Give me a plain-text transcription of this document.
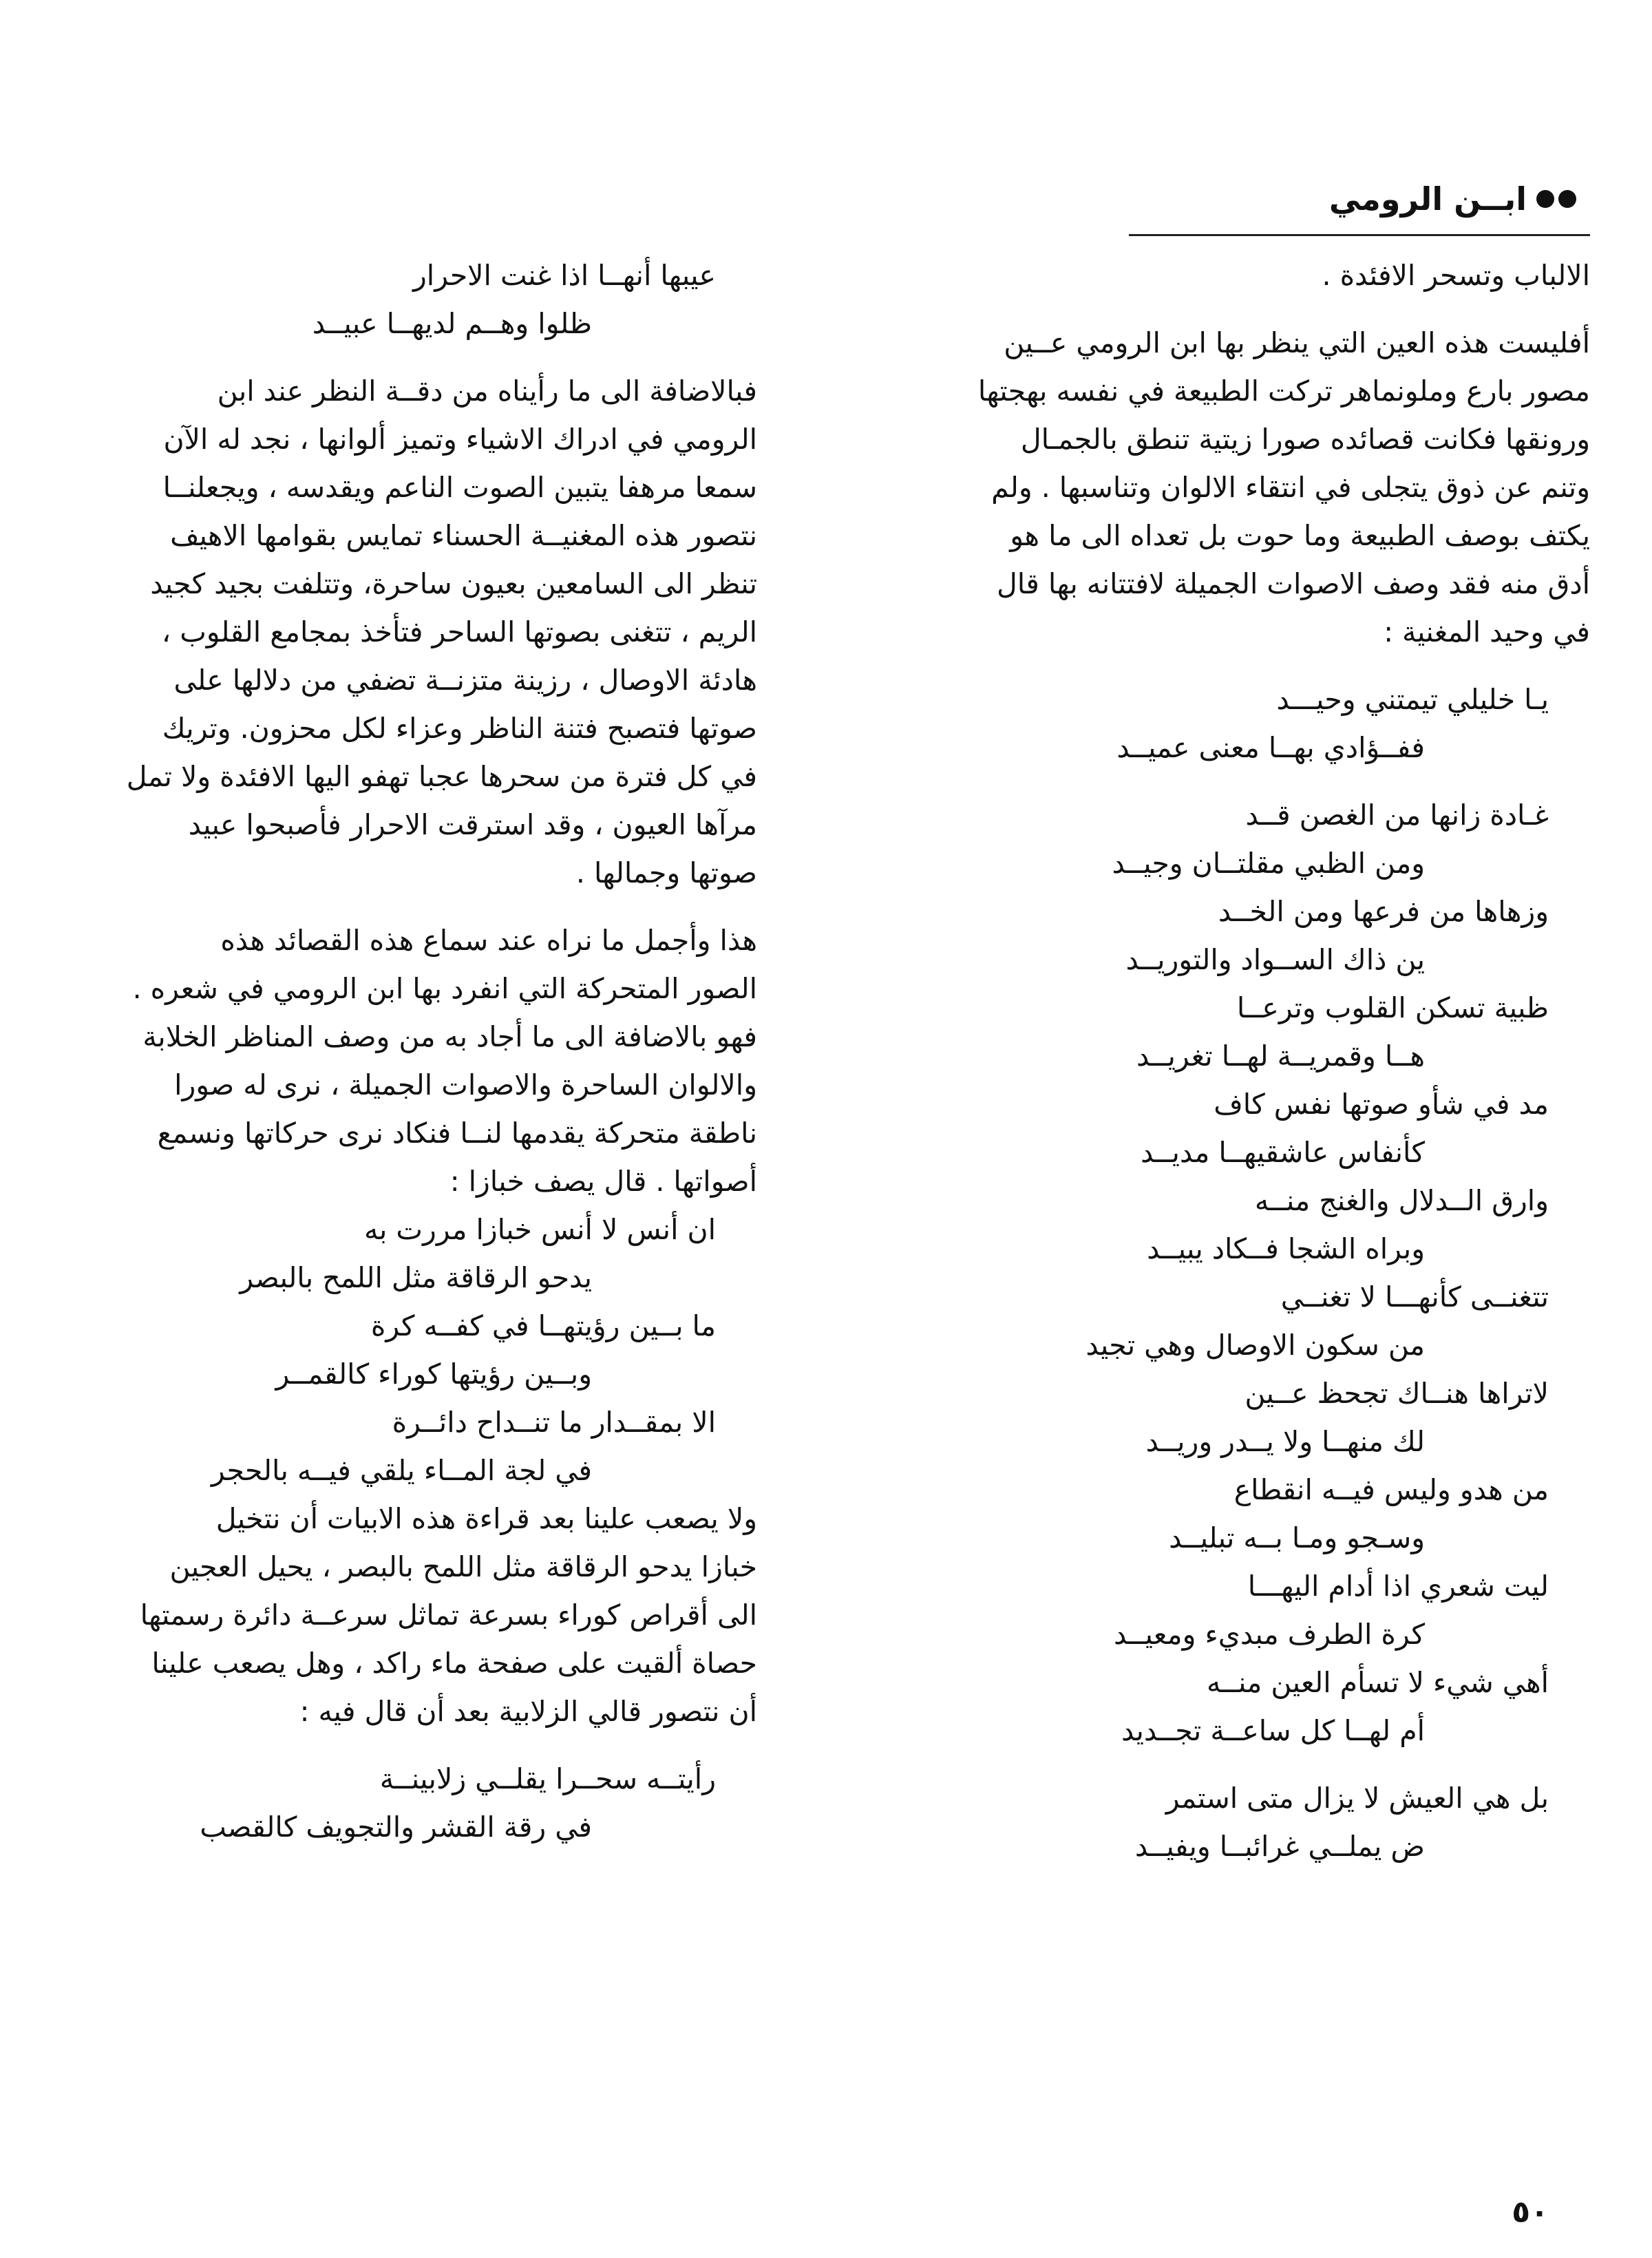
ابــن الرومي

الالباب وتسحر الافئدة .

أفليست هذه العين التي ينظر بها ابن الرومي عــين
مصور بارع وملونماهر تركت الطبيعة في نفسه بهجتها
ورونقها فكانت قصائده صورا زيتية تنطق بالجمـال
وتنم عن ذوق يتجلى في انتقاء الالوان وتناسبها . ولم
يكتف بوصف الطبيعة وما حوت بل تعداه الى ما هو
أدق منه فقد وصف الاصوات الجميلة لافتتانه بها قال
في وحيد المغنية :

يـا خليلي تيمتني وحيـــد
ففــؤادي بهــا معنى عميــد
غـادة زانها من الغصن قــد
ومن الظبي مقلتــان وجيــد
وزهاها من فرعها ومن الخــد
ين ذاك الســواد والتوريــد
ظبية تسكن القلوب وترعــا
هــا وقمريــة لهــا تغريــد
مد في شأو صوتها نفس كاف
كأنفاس عاشقيهــا مديــد
وارق الــدلال والغنج منــه
وبراه الشجا فــكاد يبيــد
تتغنــى كأنهـــا لا تغنــي
من سكون الاوصال وهي تجيد
لاتراها هنــاك تجحظ عــين
لك منهــا ولا يــدر وريــد
من هدو وليس فيــه انقطاع
وسـجو ومـا بــه تبليــد
ليت شعري اذا أدام اليهـــا
كرة الطرف مبديء ومعيــد
أهي شيء لا تسأم العين منــه
أم لهــا كل ساعــة تجــديد
بل هي العيش لا يزال متى استمر
ض يملــي غرائبــا ويفيــد
عيبها أنهــا اذا غنت الاحرار
ظلوا وهــم لديهــا عبيــد

فبالاضافة الى ما رأيناه من دقــة النظر عند ابن
الرومي في ادراك الاشياء وتميز ألوانها ، نجد له الآن
سمعا مرهفا يتبين الصوت الناعم ويقدسه ، ويجعلنــا
نتصور هذه المغنيــة الحسناء تمايس بقوامها الاهيف
تنظر الى السامعين بعيون ساحرة، وتتلفت بجيد كجيد
الريم ، تتغنى بصوتها الساحر فتأخذ بمجامع القلوب ،
هادئة الاوصال ، رزينة متزنــة تضفي من دلالها على
صوتها فتصبح فتنة الناظر وعزاء لكل محزون. وتريك
في كل فترة من سحرها عجبا تهفو اليها الافئدة ولا تمل
مرآها العيون ، وقد استرقت الاحرار فأصبحوا عبيد
صوتها وجمالها .

هذا وأجمل ما نراه عند سماع هذه القصائد هذه
الصور المتحركة التي انفرد بها ابن الرومي في شعره .
فهو بالاضافة الى ما أجاد به من وصف المناظر الخلابة
والالوان الساحرة والاصوات الجميلة ، نرى له صورا
ناطقة متحركة يقدمها لنــا فنكاد نرى حركاتها ونسمع
أصواتها . قال يصف خبازا :

ان أنس لا أنس خبازا مررت به
يدحو الرقاقة مثل اللمح بالبصر
ما بــين رؤيتهــا في كفــه كرة
وبــين رؤيتها كوراء كالقمــر
الا بمقــدار ما تنــداح دائــرة
في لجة المــاء يلقي فيــه بالحجر

ولا يصعب علينا بعد قراءة هذه الابيات أن نتخيل
خبازا يدحو الرقاقة مثل اللمح بالبصر ، يحيل العجين
الى أقراص كوراء بسرعة تماثل سرعــة دائرة رسمتها
حصاة ألقيت على صفحة ماء راكد ، وهل يصعب علينا
أن نتصور قالي الزلابية بعد أن قال فيه :

رأيتــه سحــرا يقلــي زلابينــة
في رقة القشر والتجويف كالقصب
٥٠
